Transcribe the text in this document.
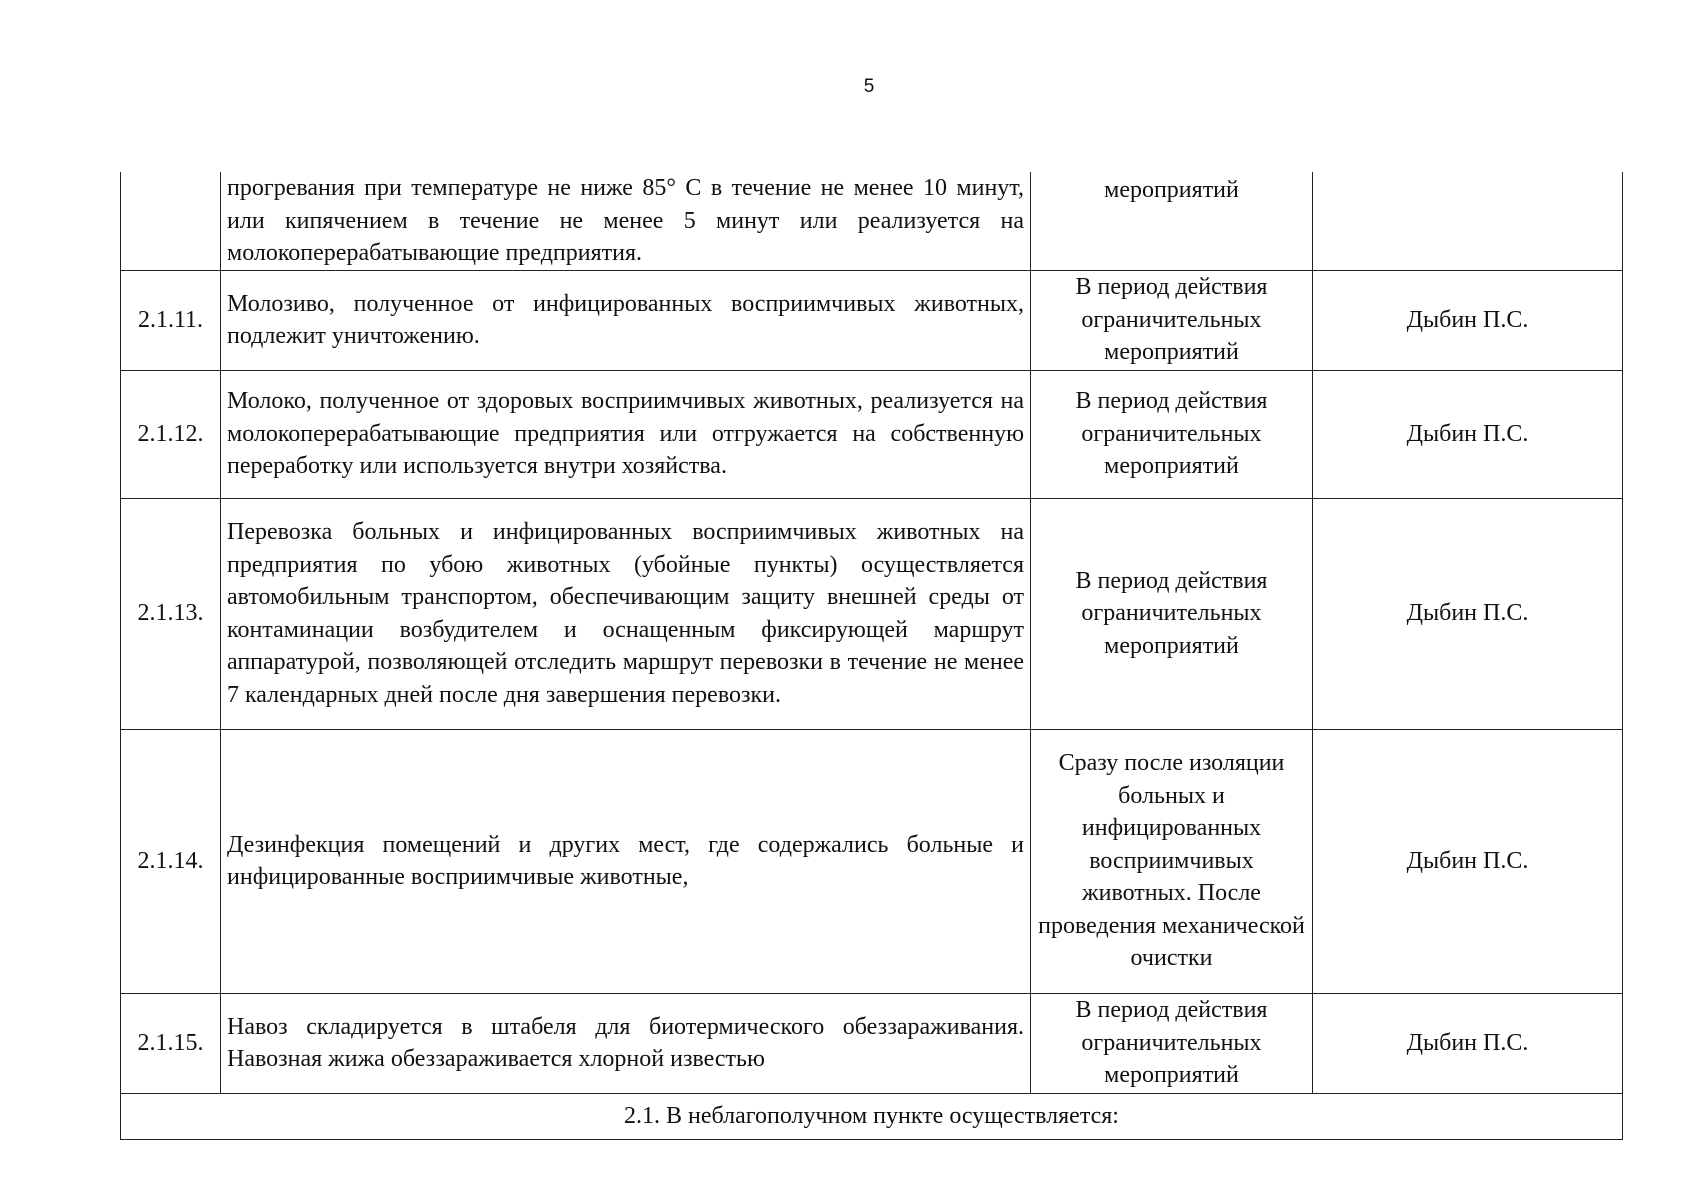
5
	прогревания при температуре не ниже 85° С в течение не менее 10 минут, или кипячением в течение не менее 5 минут или реализуется на молокоперерабатывающие предприятия.	мероприятий	
2.1.11.	Молозиво, полученное от инфицированных восприимчивых животных, подлежит уничтожению.	В период действия ограничительных мероприятий	Дыбин П.С.
2.1.12.	Молоко, полученное от здоровых восприимчивых животных, реализуется на молокоперерабатывающие предприятия или отгружается на собственную переработку или используется внутри хозяйства.	В период действия ограничительных мероприятий	Дыбин П.С.
2.1.13.	Перевозка больных и инфицированных восприимчивых животных на предприятия по убою животных (убойные пункты) осуществляется автомобильным транспортом, обеспечивающим защиту внешней среды от контаминации возбудителем и оснащенным фиксирующей маршрут аппаратурой, позволяющей отследить маршрут перевозки в течение не менее 7 календарных дней после дня завершения перевозки.	В период действия ограничительных мероприятий	Дыбин П.С.
2.1.14.	Дезинфекция помещений и других мест, где содержались больные и инфицированные восприимчивые животные,	Сразу после изоляции больных и инфицированных восприимчивых животных. После проведения механической очистки	Дыбин П.С.
2.1.15.	Навоз складируется в штабеля для биотермического обеззараживания. Навозная жижа обеззараживается хлорной известью	В период действия ограничительных мероприятий	Дыбин П.С.
2.1. В неблагополучном пункте осуществляется:			
